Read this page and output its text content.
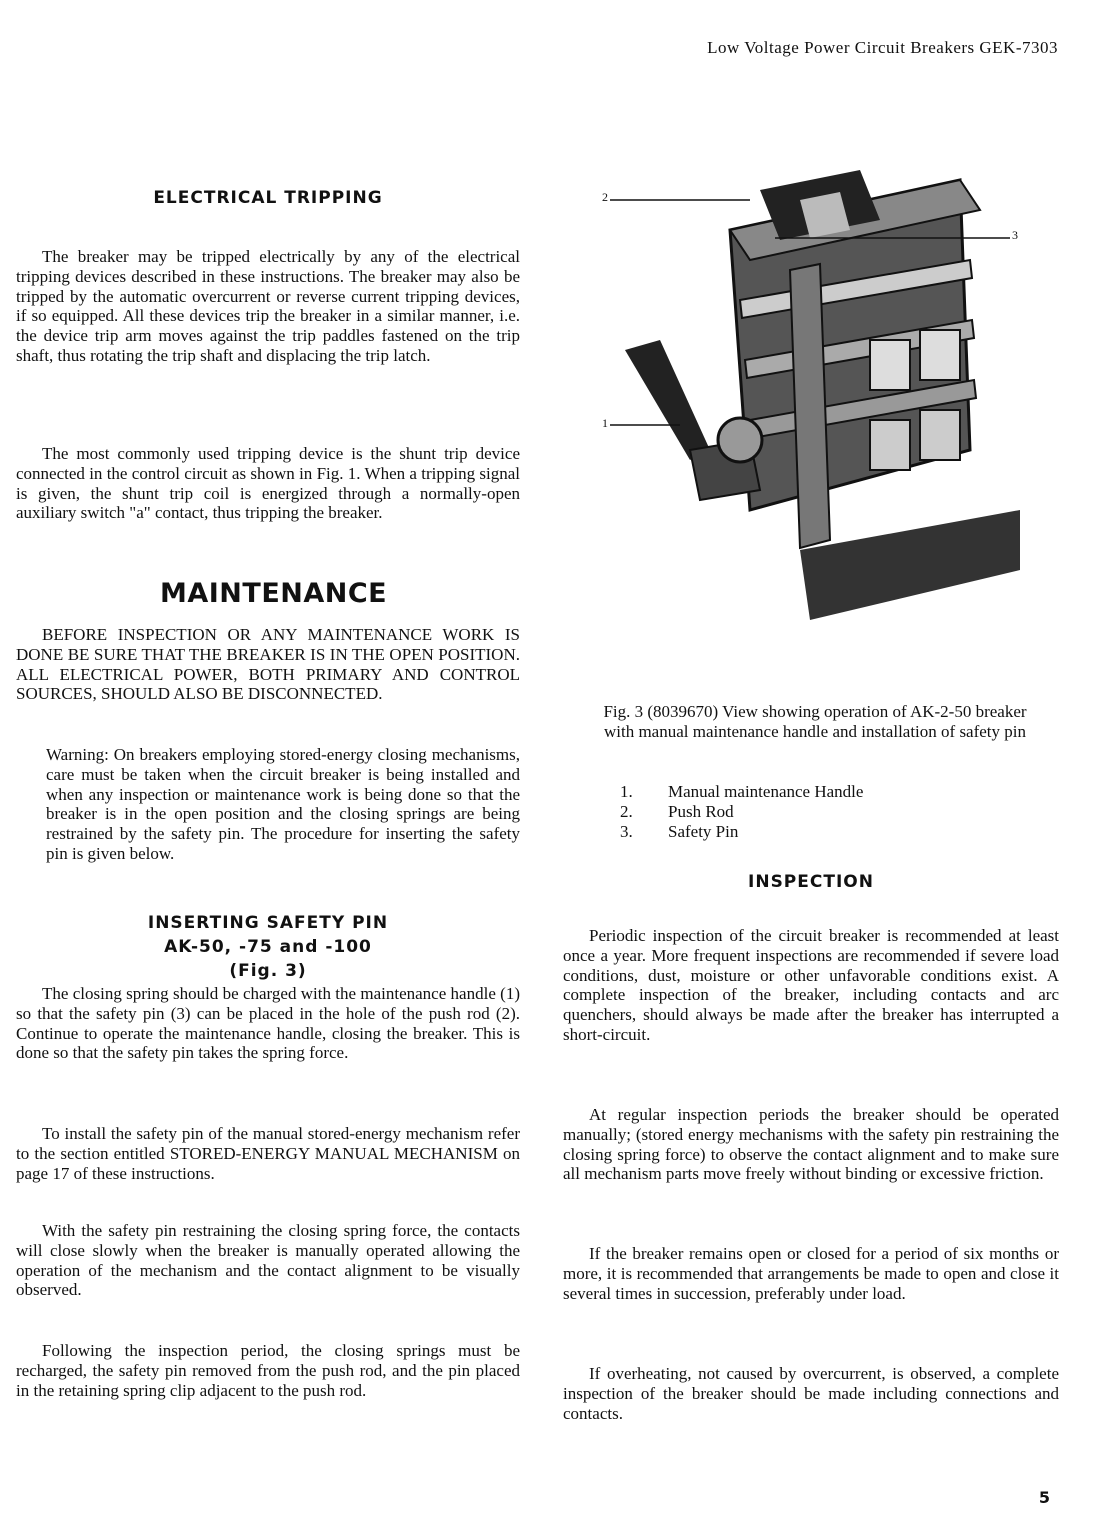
Low Voltage Power Circuit Breakers GEK-7303
ELECTRICAL TRIPPING

The breaker may be tripped electrically by any of the electrical tripping devices described in these instructions. The breaker may also be tripped by the automatic overcurrent or reverse current tripping devices, if so equipped. All these devices trip the breaker in a similar manner, i.e. the device trip arm moves against the trip paddles fastened on the trip shaft, thus rotating the trip shaft and displacing the trip latch.

The most commonly used tripping device is the shunt trip device connected in the control circuit as shown in Fig. 1. When a tripping signal is given, the shunt trip coil is energized through a normally-open auxiliary switch "a" contact, thus tripping the breaker.

MAINTENANCE

BEFORE INSPECTION OR ANY MAINTENANCE WORK IS DONE BE SURE THAT THE BREAKER IS IN THE OPEN POSITION. ALL ELECTRICAL POWER, BOTH PRIMARY AND CONTROL SOURCES, SHOULD ALSO BE DISCONNECTED.

Warning: On breakers employing stored-energy closing mechanisms, care must be taken when the circuit breaker is being installed and when any inspection or maintenance work is being done so that the breaker is in the open position and the closing springs are being restrained by the safety pin. The procedure for inserting the safety pin is given below.

INSERTING SAFETY PIN
AK-50, -75 and -100
(Fig. 3)

The closing spring should be charged with the maintenance handle (1) so that the safety pin (3) can be placed in the hole of the push rod (2). Continue to operate the maintenance handle, closing the breaker. This is done so that the safety pin takes the spring force.

To install the safety pin of the manual stored-energy mechanism refer to the section entitled STORED-ENERGY MANUAL MECHANISM on page 17 of these instructions.

With the safety pin restraining the closing spring force, the contacts will close slowly when the breaker is manually operated allowing the operation of the mechanism and the contact alignment to be visually observed.

Following the inspection period, the closing springs must be recharged, the safety pin removed from the push rod, and the pin placed in the retaining spring clip adjacent to the push rod.

2
3
1
Fig. 3 (8039670) View showing operation of AK-2-50 breaker with manual maintenance handle and installation of safety pin
1. Manual maintenance Handle
2. Push Rod
3. Safety Pin
INSPECTION

Periodic inspection of the circuit breaker is recommended at least once a year. More frequent inspections are recommended if severe load conditions, dust, moisture or other unfavorable conditions exist. A complete inspection of the breaker, including contacts and arc quenchers, should always be made after the breaker has interrupted a short-circuit.

At regular inspection periods the breaker should be operated manually; (stored energy mechanisms with the safety pin restraining the closing spring force) to observe the contact alignment and to make sure all mechanism parts move freely without binding or excessive friction.

If the breaker remains open or closed for a period of six months or more, it is recommended that arrangements be made to open and close it several times in succession, preferably under load.

If overheating, not caused by overcurrent, is observed, a complete inspection of the breaker should be made including connections and contacts.

5
